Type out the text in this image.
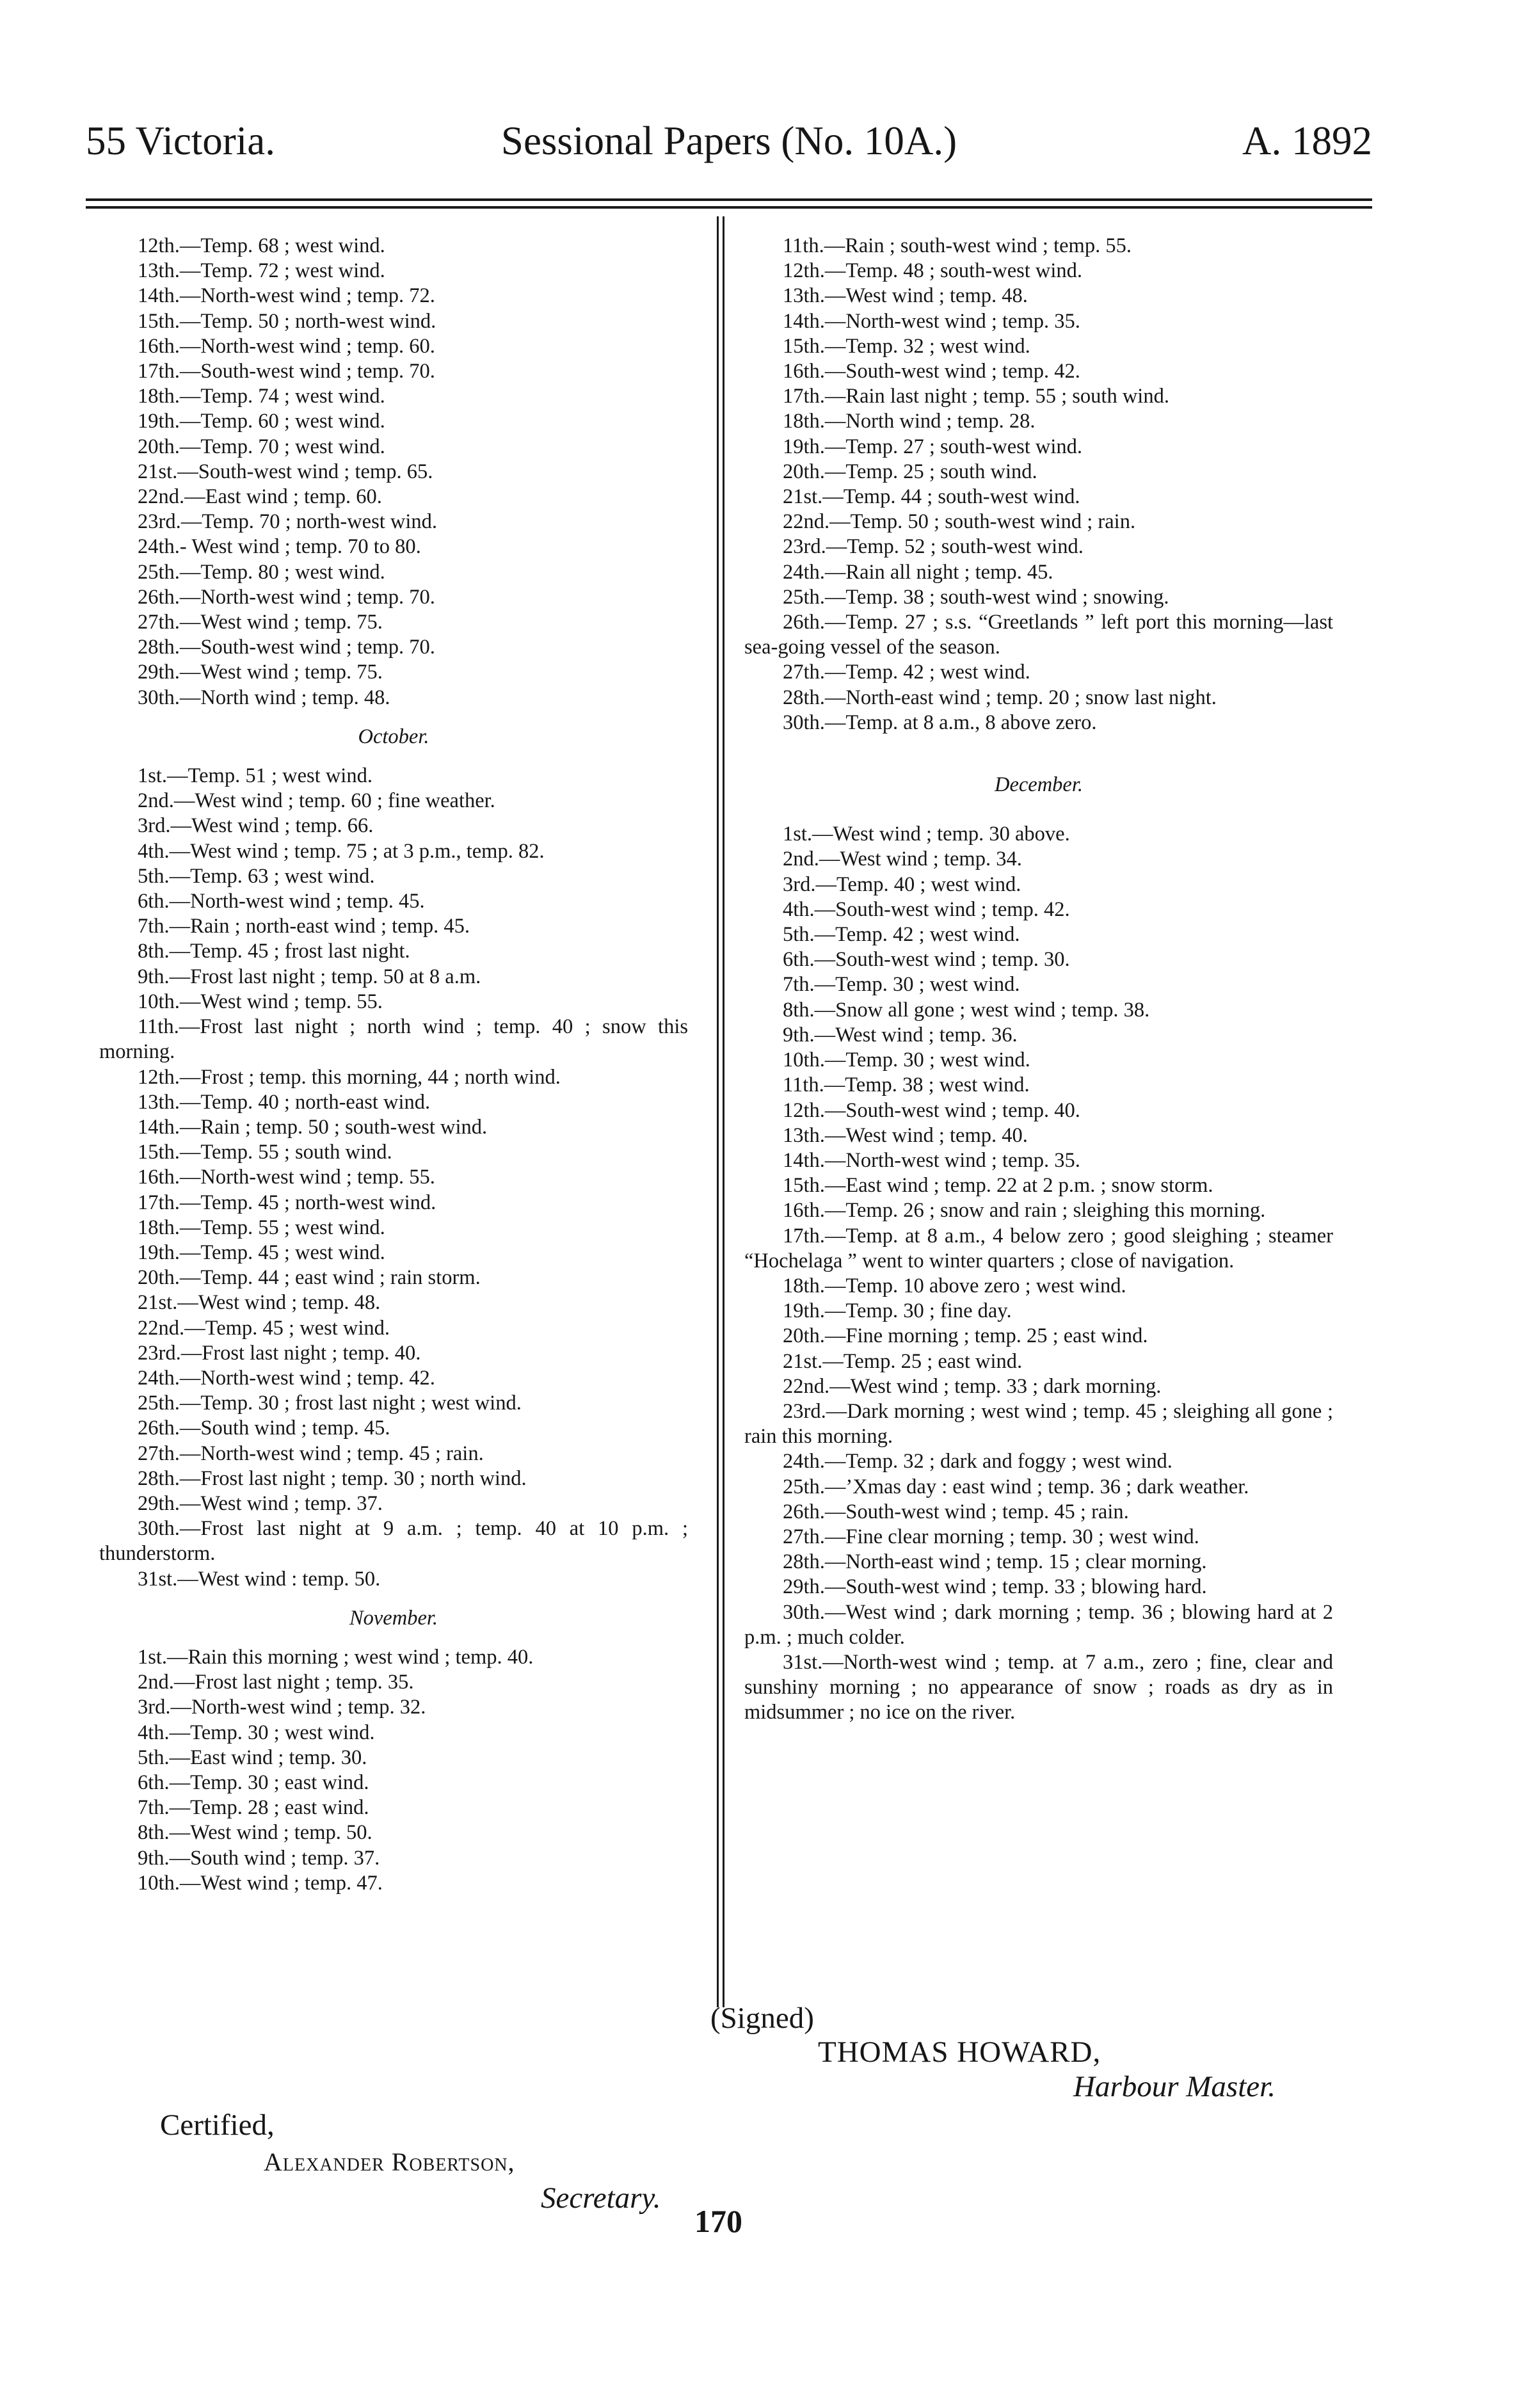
55 Victoria.	Sessional Papers (No. 10A.)	A. 1892
12th.—Temp. 68 ; west wind.
13th.—Temp. 72 ; west wind.
14th.—North-west wind ; temp. 72.
15th.—Temp. 50 ; north-west wind.
16th.—North-west wind ; temp. 60.
17th.—South-west wind ; temp. 70.
18th.—Temp. 74 ; west wind.
19th.—Temp. 60 ; west wind.
20th.—Temp. 70 ; west wind.
21st.—South-west wind ; temp. 65.
22nd.—East wind ; temp. 60.
23rd.—Temp. 70 ; north-west wind.
24th.- West wind ; temp. 70 to 80.
25th.—Temp. 80 ; west wind.
26th.—North-west wind ; temp. 70.
27th.—West wind ; temp. 75.
28th.—South-west wind ; temp. 70.
29th.—West wind ; temp. 75.
30th.—North wind ; temp. 48.
October.
1st.—Temp. 51 ; west wind.
2nd.—West wind ; temp. 60 ; fine weather.
3rd.—West wind ; temp. 66.
4th.—West wind ; temp. 75 ; at 3 p.m., temp. 82.
5th.—Temp. 63 ; west wind.
6th.—North-west wind ; temp. 45.
7th.—Rain ; north-east wind ; temp. 45.
8th.—Temp. 45 ; frost last night.
9th.—Frost last night ; temp. 50 at 8 a.m.
10th.—West wind ; temp. 55.
11th.—Frost last night ; north wind ; temp. 40 ; snow this morning.
12th.—Frost ; temp. this morning, 44 ; north wind.
13th.—Temp. 40 ; north-east wind.
14th.—Rain ; temp. 50 ; south-west wind.
15th.—Temp. 55 ; south wind.
16th.—North-west wind ; temp. 55.
17th.—Temp. 45 ; north-west wind.
18th.—Temp. 55 ; west wind.
19th.—Temp. 45 ; west wind.
20th.—Temp. 44 ; east wind ; rain storm.
21st.—West wind ; temp. 48.
22nd.—Temp. 45 ; west wind.
23rd.—Frost last night ; temp. 40.
24th.—North-west wind ; temp. 42.
25th.—Temp. 30 ; frost last night ; west wind.
26th.—South wind ; temp. 45.
27th.—North-west wind ; temp. 45 ; rain.
28th.—Frost last night ; temp. 30 ; north wind.
29th.—West wind ; temp. 37.
30th.—Frost last night at 9 a.m. ; temp. 40 at 10 p.m. ; thunderstorm.
31st.—West wind : temp. 50.
November.
1st.—Rain this morning ; west wind ; temp. 40.
2nd.—Frost last night ; temp. 35.
3rd.—North-west wind ; temp. 32.
4th.—Temp. 30 ; west wind.
5th.—East wind ; temp. 30.
6th.—Temp. 30 ; east wind.
7th.—Temp. 28 ; east wind.
8th.—West wind ; temp. 50.
9th.—South wind ; temp. 37.
10th.—West wind ; temp. 47.
11th.—Rain ; south-west wind ; temp. 55.
12th.—Temp. 48 ; south-west wind.
13th.—West wind ; temp. 48.
14th.—North-west wind ; temp. 35.
15th.—Temp. 32 ; west wind.
16th.—South-west wind ; temp. 42.
17th.—Rain last night ; temp. 55 ; south wind.
18th.—North wind ; temp. 28.
19th.—Temp. 27 ; south-west wind.
20th.—Temp. 25 ; south wind.
21st.—Temp. 44 ; south-west wind.
22nd.—Temp. 50 ; south-west wind ; rain.
23rd.—Temp. 52 ; south-west wind.
24th.—Rain all night ; temp. 45.
25th.—Temp. 38 ; south-west wind ; snowing.
26th.—Temp. 27 ; s.s. “Greetlands ” left port this morning—last sea-going vessel of the season.
27th.—Temp. 42 ; west wind.
28th.—North-east wind ; temp. 20 ; snow last night.
30th.—Temp. at 8 a.m., 8 above zero.
December.
1st.—West wind ; temp. 30 above.
2nd.—West wind ; temp. 34.
3rd.—Temp. 40 ; west wind.
4th.—South-west wind ; temp. 42.
5th.—Temp. 42 ; west wind.
6th.—South-west wind ; temp. 30.
7th.—Temp. 30 ; west wind.
8th.—Snow all gone ; west wind ; temp. 38.
9th.—West wind ; temp. 36.
10th.—Temp. 30 ; west wind.
11th.—Temp. 38 ; west wind.
12th.—South-west wind ; temp. 40.
13th.—West wind ; temp. 40.
14th.—North-west wind ; temp. 35.
15th.—East wind ; temp. 22 at 2 p.m. ; snow storm.
16th.—Temp. 26 ; snow and rain ; sleighing this morning.
17th.—Temp. at 8 a.m., 4 below zero ; good sleighing ; steamer “Hochelaga ” went to winter quarters ; close of navigation.
18th.—Temp. 10 above zero ; west wind.
19th.—Temp. 30 ; fine day.
20th.—Fine morning ; temp. 25 ; east wind.
21st.—Temp. 25 ; east wind.
22nd.—West wind ; temp. 33 ; dark morning.
23rd.—Dark morning ; west wind ; temp. 45 ; sleighing all gone ; rain this morning.
24th.—Temp. 32 ; dark and foggy ; west wind.
25th.—’Xmas day : east wind ; temp. 36 ; dark weather.
26th.—South-west wind ; temp. 45 ; rain.
27th.—Fine clear morning ; temp. 30 ; west wind.
28th.—North-east wind ; temp. 15 ; clear morning.
29th.—South-west wind ; temp. 33 ; blowing hard.
30th.—West wind ; dark morning ; temp. 36 ; blowing hard at 2 p.m. ; much colder.
31st.—North-west wind ; temp. at 7 a.m., zero ; fine, clear and sunshiny morning ; no appearance of snow ; roads as dry as in midsummer ; no ice on the river.
(Signed)
THOMAS HOWARD,
Harbour Master.
Certified,
Alexander Robertson,
Secretary.
170
